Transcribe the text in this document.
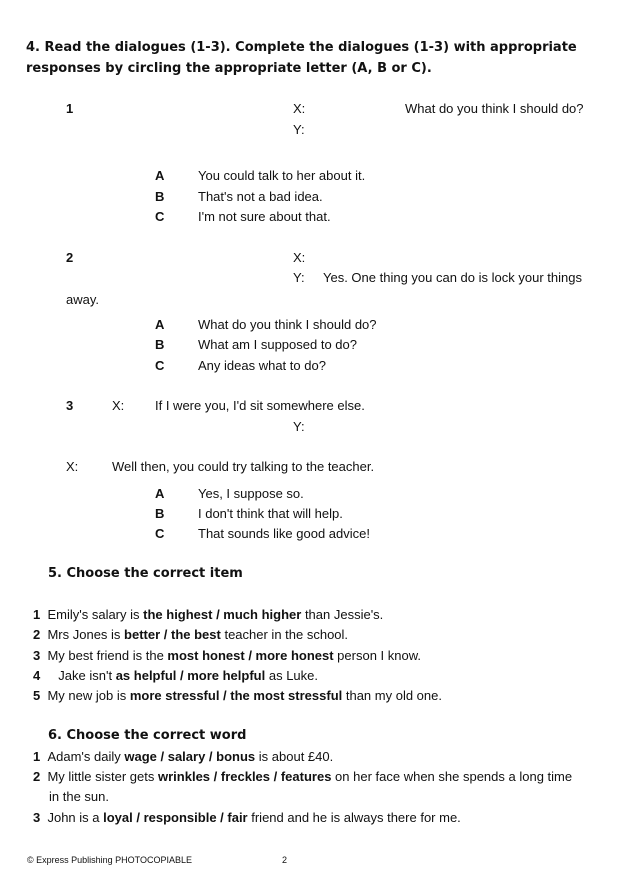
4. Read the dialogues (1-3). Complete the dialogues (1-3) with appropriate
responses by circling the appropriate letter (A, B or C).
1	X:	What do you think I should do?
Y:
A	You could talk to her about it.
B	That's not a bad idea.
C	I'm not sure about that.
2	X:
Y: Yes. One thing you can do is lock your things
away.
A	What do you think I should do?
B	What am I supposed to do?
C	Any ideas what to do?
3	X: If I were you, I'd sit somewhere else.
Y:
X:	Well then, you could try talking to the teacher.
A	Yes, I suppose so.
B	I don't think that will help.
C	That sounds like good advice!
5. Choose the correct item
1 Emily's salary is the highest / much higher than Jessie's.
2 Mrs Jones is better / the best teacher in the school.
3 My best friend is the most honest / more honest person I know.
4 Jake isn't as helpful / more helpful as Luke.
5 My new job is more stressful / the most stressful than my old one.
6. Choose the correct word
1 Adam's daily wage / salary / bonus is about £40.
2 My little sister gets wrinkles / freckles / features on her face when she spends a long time
in the sun.
3 John is a loyal / responsible / fair friend and he is always there for me.
© Express Publishing PHOTOCOPIABLE	2
